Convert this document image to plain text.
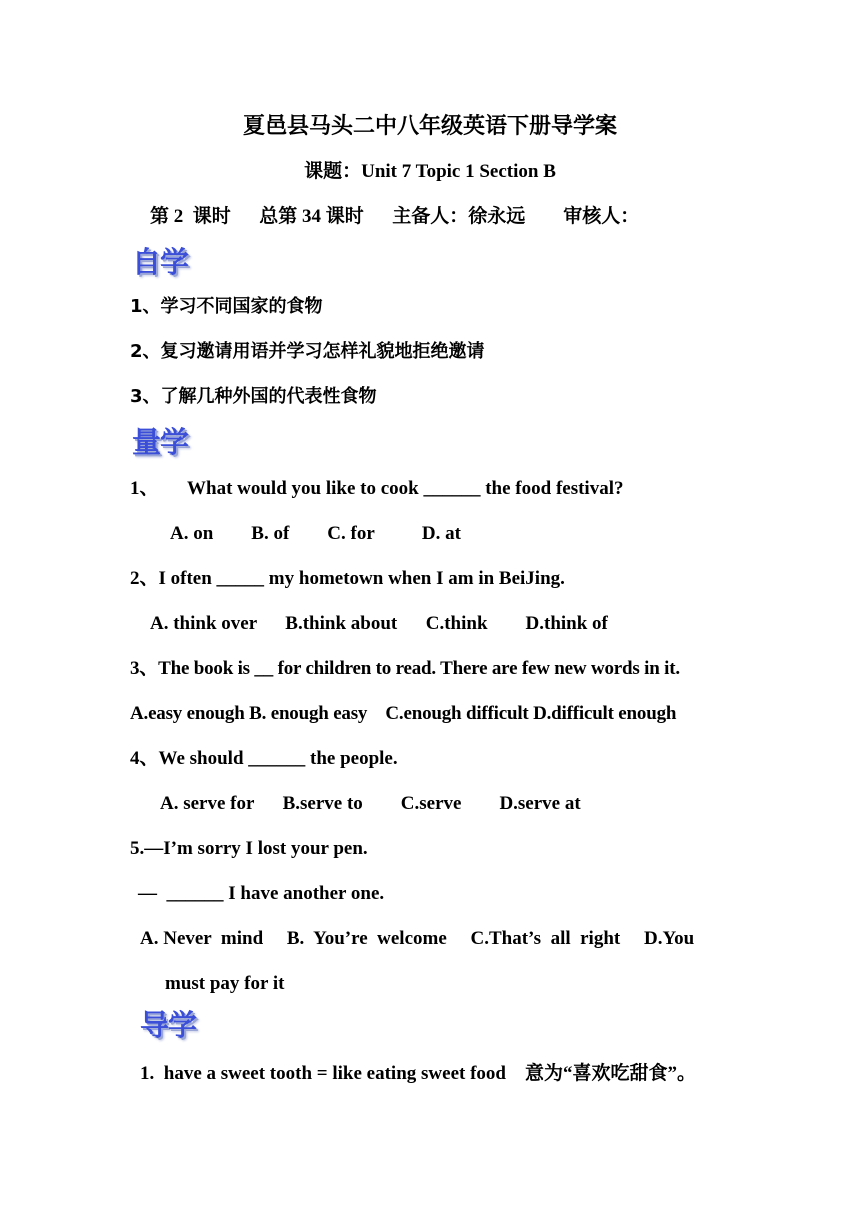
夏邑县马头二中八年级英语下册导学案
课题：Unit 7 Topic 1 Section B
第 2  课时      总第 34 课时      主备人：徐永远        审核人：
自学
1、学习不同国家的食物
2、复习邀请用语并学习怎样礼貌地拒绝邀请
3、了解几种外国的代表性食物
量学
1、      What would you like to cook ______ the food festival?
A. on        B. of        C. for          D. at
2、I often _____ my hometown when I am in BeiJing.
A. think over      B.think about      C.think        D.think of
3、The book is __ for children to read. There are few new words in it.
A.easy enough B. enough easy    C.enough difficult D.difficult enough
4、We should ______ the people.
A. serve for      B.serve to        C.serve        D.serve at
5.—I’m sorry I lost your pen.
—  ______ I have another one.
A. Never  mind     B.  You’re  welcome     C.That’s  all  right     D.You
must pay for it
导学
1.  have a sweet tooth = like eating sweet food    意为“喜欢吃甜食”。
